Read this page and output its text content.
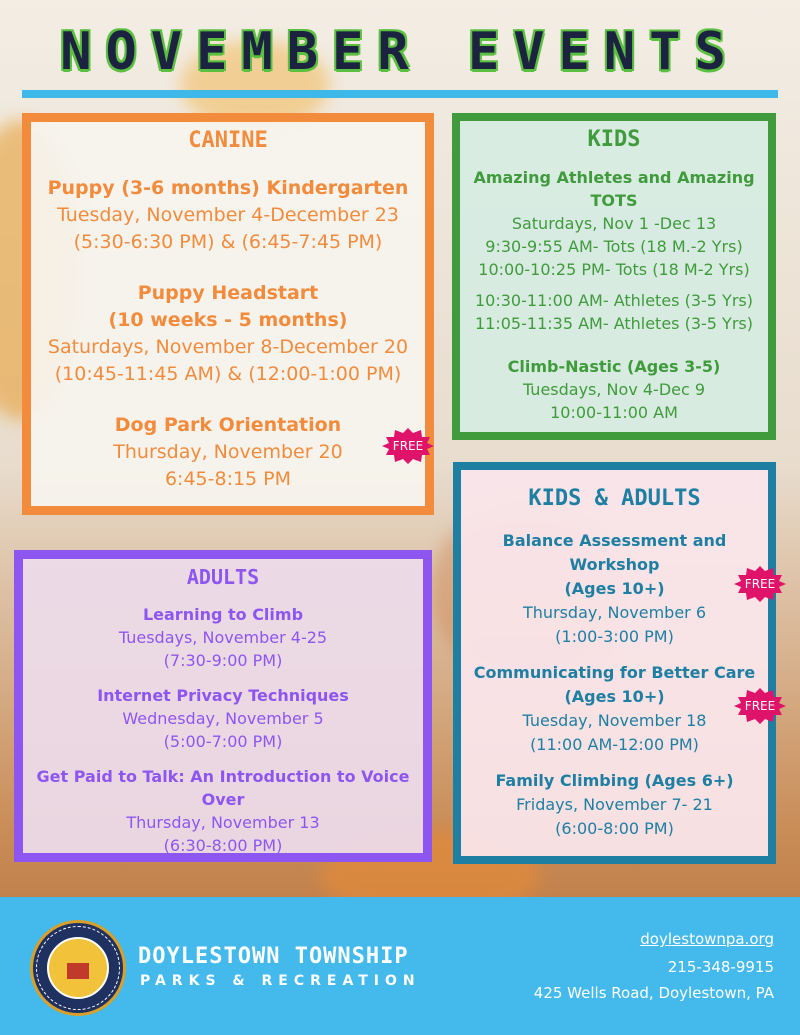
NOVEMBER EVENTS
CANINE
Puppy (3-6 months) Kindergarten
Tuesday, November 4-December 23
(5:30-6:30 PM) & (6:45-7:45 PM)
Puppy Headstart
(10 weeks - 5 months)
Saturdays, November 8-December 20
(10:45-11:45 AM) & (12:00-1:00 PM)
Dog Park Orientation
Thursday, November 20
6:45-8:15 PM
KIDS
Amazing Athletes and Amazing TOTS
Saturdays, Nov 1 -Dec 13
9:30-9:55 AM- Tots (18 M.-2 Yrs)
10:00-10:25 PM- Tots (18 M-2 Yrs)
10:30-11:00 AM- Athletes (3-5 Yrs)
11:05-11:35 AM- Athletes (3-5 Yrs)
Climb-Nastic (Ages 3-5)
Tuesdays, Nov 4-Dec 9
10:00-11:00 AM
ADULTS
Learning to Climb
Tuesdays, November 4-25
(7:30-9:00 PM)
Internet Privacy Techniques
Wednesday, November 5
(5:00-7:00 PM)
Get Paid to Talk: An Introduction to Voice Over
Thursday, November 13
(6:30-8:00 PM)
KIDS & ADULTS
Balance Assessment and Workshop
(Ages 10+)
Thursday, November 6
(1:00-3:00 PM)
Communicating for Better Care
(Ages 10+)
Tuesday, November 18
(11:00 AM-12:00 PM)
Family Climbing (Ages 6+)
Fridays, November 7- 21
(6:00-8:00 PM)
FREE
FREE
FREE
DOYLESTOWN TOWNSHIP
PARKS & RECREATION
doylestownpa.org
215-348-9915
425 Wells Road, Doylestown, PA
